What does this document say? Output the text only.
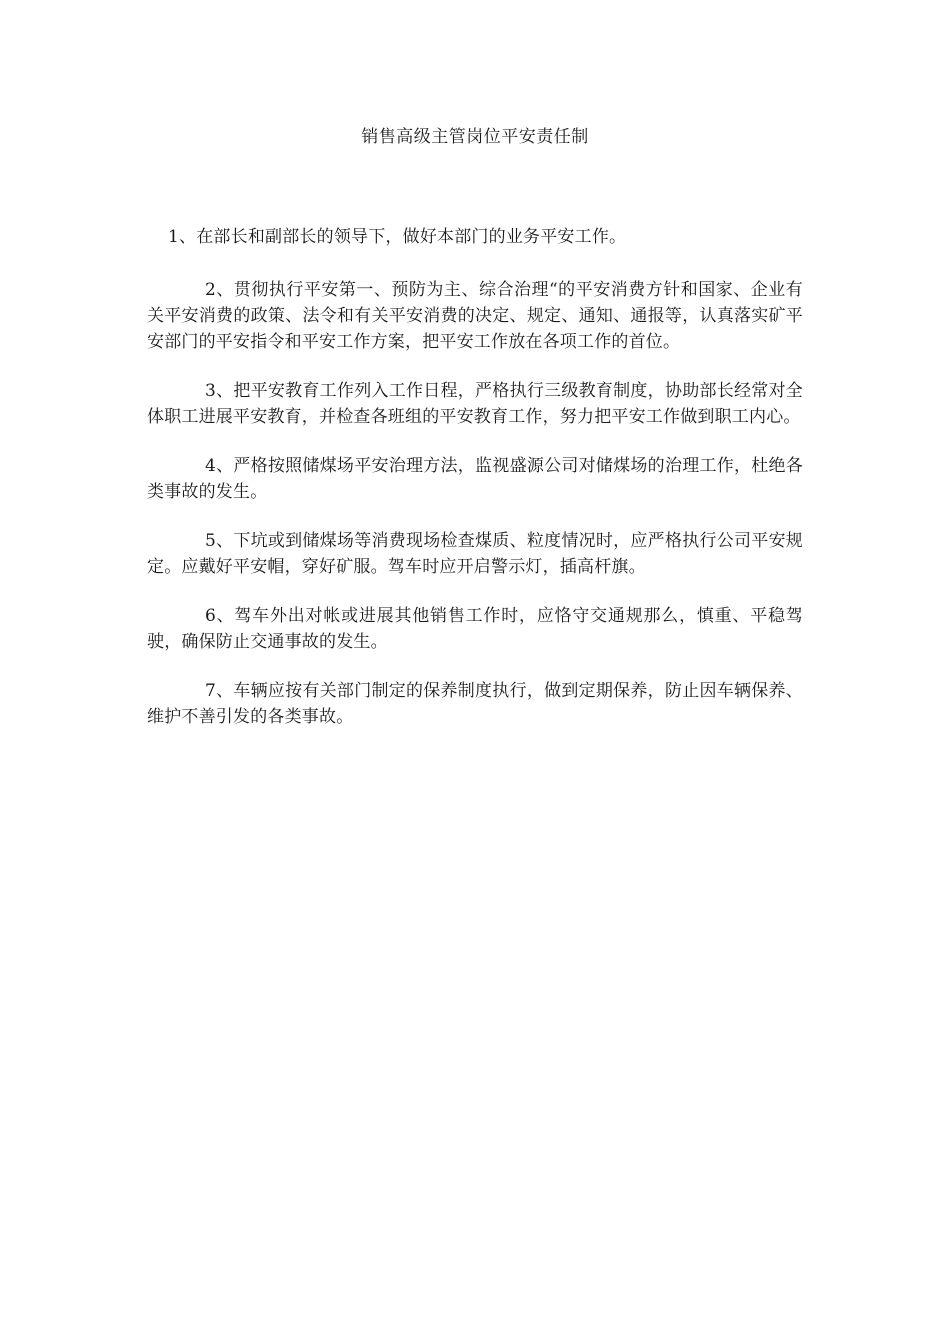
销售高级主管岗位平安责任制

1、在部长和副部长的领导下，做好本部门的业务平安工作。

2、贯彻执行平安第一、预防为主、综合治理“的平安消费方针和国家、企业有关平安消费的政策、法令和有关平安消费的决定、规定、通知、通报等，认真落实矿平安部门的平安指令和平安工作方案，把平安工作放在各项工作的首位。

3、把平安教育工作列入工作日程，严格执行三级教育制度，协助部长经常对全体职工进展平安教育，并检查各班组的平安教育工作，努力把平安工作做到职工内心。

4、严格按照储煤场平安治理方法，监视盛源公司对储煤场的治理工作，杜绝各类事故的发生。

5、下坑或到储煤场等消费现场检查煤质、粒度情况时，应严格执行公司平安规定。应戴好平安帽，穿好矿服。驾车时应开启警示灯，插高杆旗。

6、驾车外出对帐或进展其他销售工作时，应恪守交通规那么，慎重、平稳驾驶，确保防止交通事故的发生。

7、车辆应按有关部门制定的保养制度执行，做到定期保养，防止因车辆保养、维护不善引发的各类事故。
